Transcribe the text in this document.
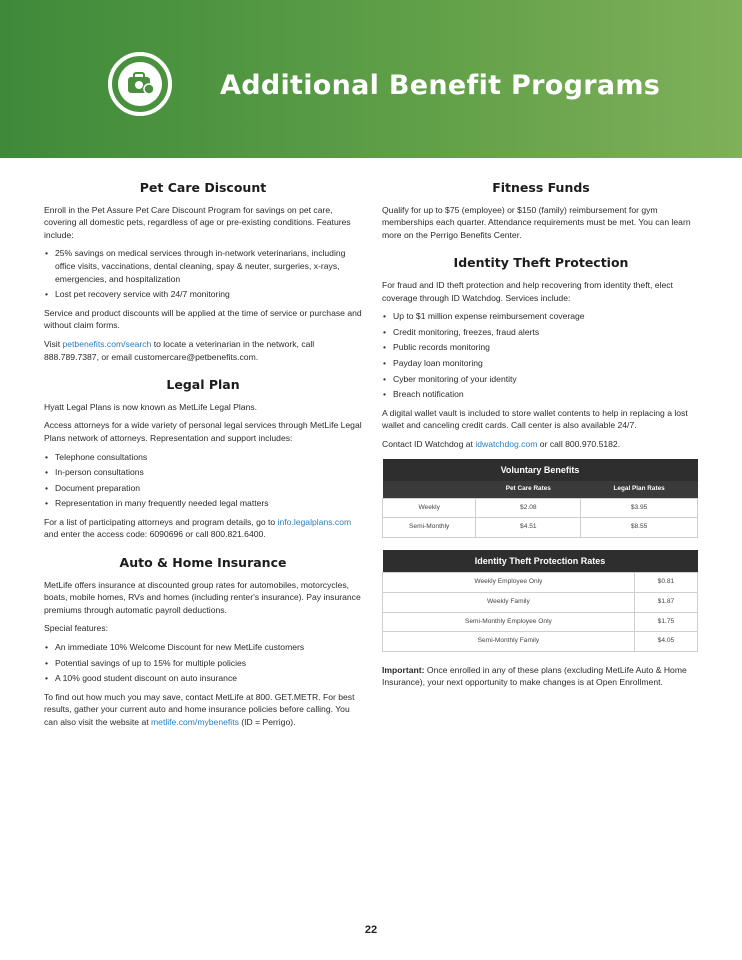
Additional Benefit Programs
Pet Care Discount

Enroll in the Pet Assure Pet Care Discount Program for savings on pet care, covering all domestic pets, regardless of age or pre-existing conditions. Features include:

• 25% savings on medical services through in-network veterinarians, including office visits, vaccinations, dental cleaning, spay & neuter, surgeries, x-rays, emergencies, and hospitalization
• Lost pet recovery service with 24/7 monitoring

Service and product discounts will be applied at the time of service or purchase and without claim forms.

Visit petbenefits.com/search to locate a veterinarian in the network, call 888.789.7387, or email customercare@petbenefits.com.

Legal Plan

Hyatt Legal Plans is now known as MetLife Legal Plans.

Access attorneys for a wide variety of personal legal services through MetLife Legal Plans network of attorneys. Representation and support includes:

• Telephone consultations
• In-person consultations
• Document preparation
• Representation in many frequently needed legal matters

For a list of participating attorneys and program details, go to info.legalplans.com and enter the access code: 6090696 or call 800.821.6400.

Auto & Home Insurance

MetLife offers insurance at discounted group rates for automobiles, motorcycles, boats, mobile homes, RVs and homes (including renter's insurance). Pay insurance premiums through automatic payroll deductions.

Special features:

• An immediate 10% Welcome Discount for new MetLife customers
• Potential savings of up to 15% for multiple policies
• A 10% good student discount on auto insurance

To find out how much you may save, contact MetLife at 800. GET.METR. For best results, gather your current auto and home insurance policies before calling. You can also visit the website at metlife.com/mybenefits (ID = Perrigo).

Fitness Funds

Qualify for up to $75 (employee) or $150 (family) reimbursement for gym memberships each quarter. Attendance requirements must be met. You can learn more on the Perrigo Benefits Center.

Identity Theft Protection

For fraud and ID theft protection and help recovering from identity theft, elect coverage through ID Watchdog. Services include:

• Up to $1 million expense reimbursement coverage
• Credit monitoring, freezes, fraud alerts
• Public records monitoring
• Payday loan monitoring
• Cyber monitoring of your identity
• Breach notification

A digital wallet vault is included to store wallet contents to help in replacing a lost wallet and canceling credit cards. Call center is also available 24/7.

Contact ID Watchdog at idwatchdog.com or call 800.970.5182.

Voluntary Benefits		
	Pet Care Rates	Legal Plan Rates
Weekly	$2.08	$3.95
Semi-Monthly	$4.51	$8.55
Identity Theft Protection Rates	
Weekly Employee Only	$0.81
Weekly Family	$1.87
Semi-Monthly Employee Only	$1.75
Semi-Monthly Family	$4.05

Important: Once enrolled in any of these plans (excluding MetLife Auto & Home Insurance), your next opportunity to make changes is at Open Enrollment.

22
